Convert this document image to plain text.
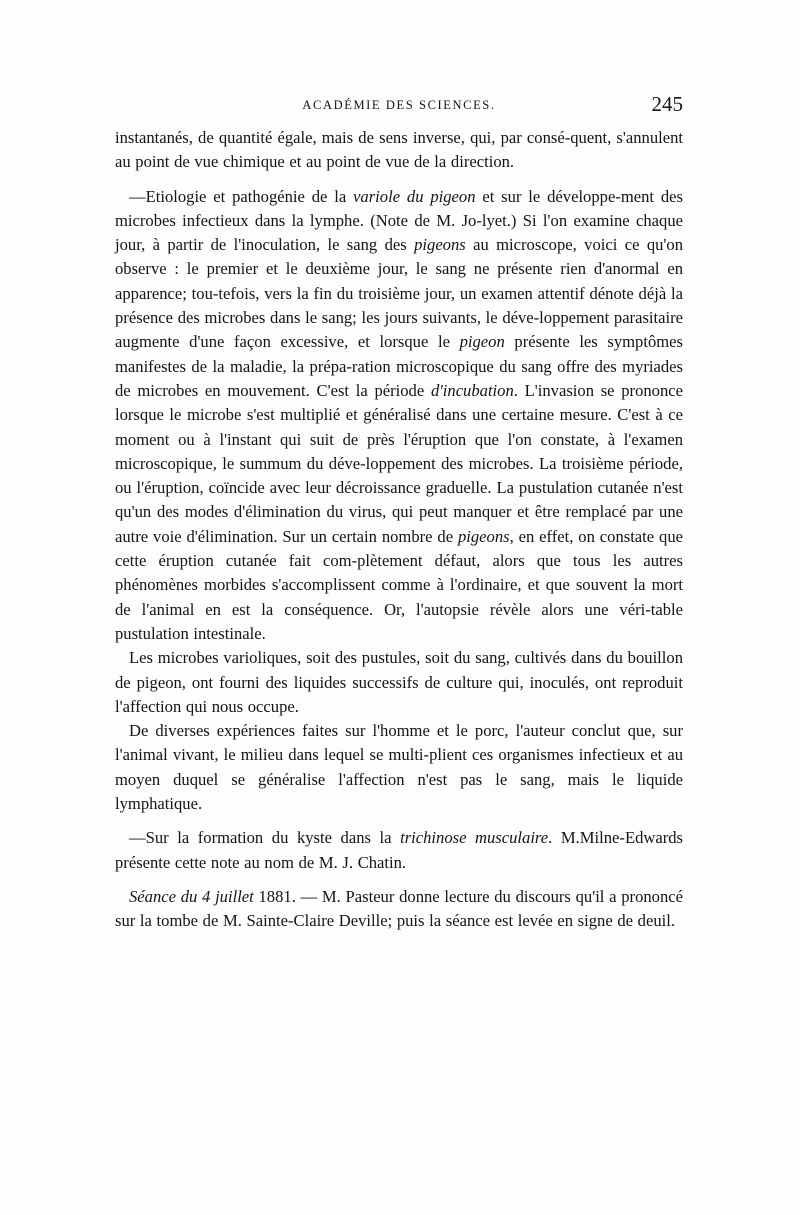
ACADÉMIE DES SCIENCES.	245

instantanés, de quantité égale, mais de sens inverse, qui, par consé-quent, s'annulent au point de vue chimique et au point de vue de la direction.

—Etiologie et pathogénie de la variole du pigeon et sur le développe-ment des microbes infectieux dans la lymphe. (Note de M. Jo-lyet.) Si l'on examine chaque jour, à partir de l'inoculation, le sang des pigeons au microscope, voici ce qu'on observe : le premier et le deuxième jour, le sang ne présente rien d'anormal en apparence; tou-tefois, vers la fin du troisième jour, un examen attentif dénote déjà la présence des microbes dans le sang; les jours suivants, le déve-loppement parasitaire augmente d'une façon excessive, et lorsque le pigeon présente les symptômes manifestes de la maladie, la prépa-ration microscopique du sang offre des myriades de microbes en mouvement. C'est la période d'incubation. L'invasion se prononce lorsque le microbe s'est multiplié et généralisé dans une certaine mesure. C'est à ce moment ou à l'instant qui suit de près l'éruption que l'on constate, à l'examen microscopique, le summum du déve-loppement des microbes. La troisième période, ou l'éruption, coïncide avec leur décroissance graduelle. La pustulation cutanée n'est qu'un des modes d'élimination du virus, qui peut manquer et être remplacé par une autre voie d'élimination. Sur un certain nombre de pigeons, en effet, on constate que cette éruption cutanée fait com-plètement défaut, alors que tous les autres phénomènes morbides s'accomplissent comme à l'ordinaire, et que souvent la mort de l'animal en est la conséquence. Or, l'autopsie révèle alors une véri-table pustulation intestinale.

Les microbes varioliques, soit des pustules, soit du sang, cultivés dans du bouillon de pigeon, ont fourni des liquides successifs de culture qui, inoculés, ont reproduit l'affection qui nous occupe.

De diverses expériences faites sur l'homme et le porc, l'auteur conclut que, sur l'animal vivant, le milieu dans lequel se multi-plient ces organismes infectieux et au moyen duquel se généralise l'affection n'est pas le sang, mais le liquide lymphatique.

—Sur la formation du kyste dans la trichinose musculaire. M.Milne-Edwards présente cette note au nom de M. J. Chatin.

Séance du 4 juillet 1881. — M. Pasteur donne lecture du discours qu'il a prononcé sur la tombe de M. Sainte-Claire Deville; puis la séance est levée en signe de deuil.
